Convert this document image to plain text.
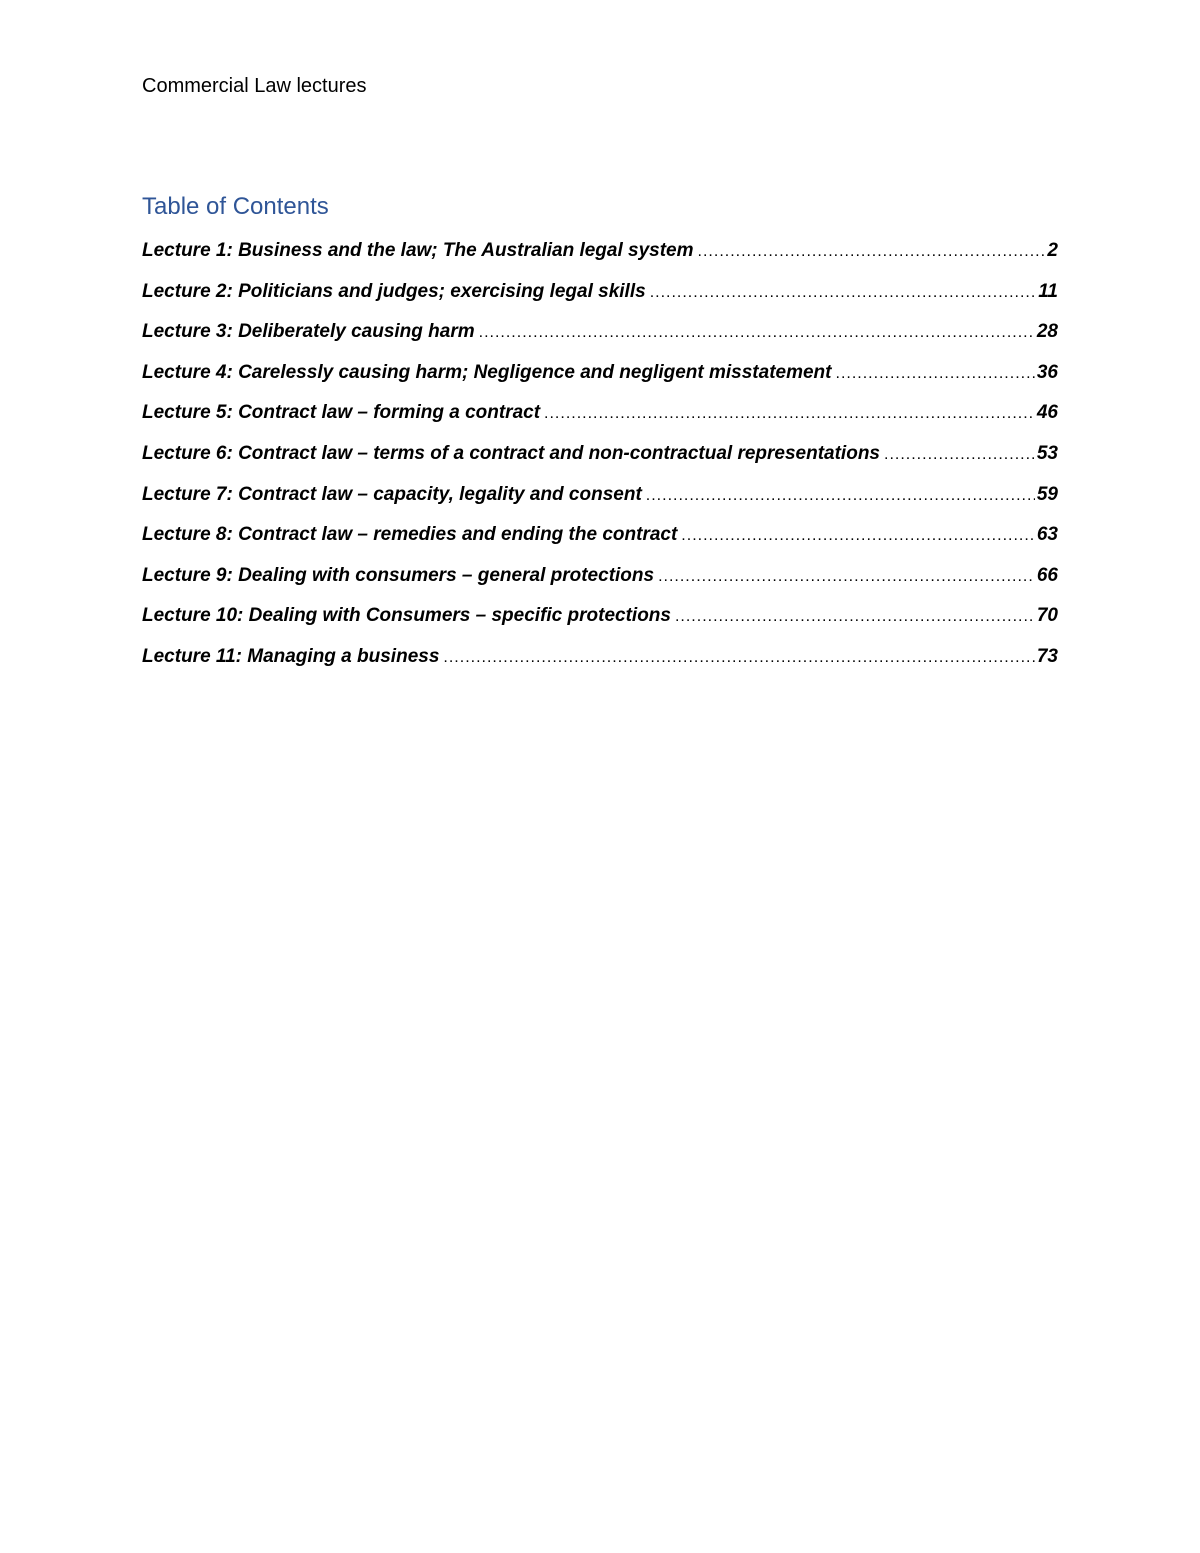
Commercial Law lectures
Table of Contents
Lecture 1: Business and the law; The Australian legal system .....	2
Lecture 2: Politicians and judges; exercising legal skills .....	11
Lecture 3: Deliberately causing harm .....	28
Lecture 4: Carelessly causing harm; Negligence and negligent misstatement .....	36
Lecture 5: Contract law – forming a contract .....	46
Lecture 6: Contract law – terms of a contract and non-contractual representations .....	53
Lecture 7: Contract law – capacity, legality and consent .....	59
Lecture 8: Contract law – remedies and ending the contract .....	63
Lecture 9: Dealing with consumers – general protections .....	66
Lecture 10: Dealing with Consumers – specific protections .....	70
Lecture 11: Managing a business .....	73
